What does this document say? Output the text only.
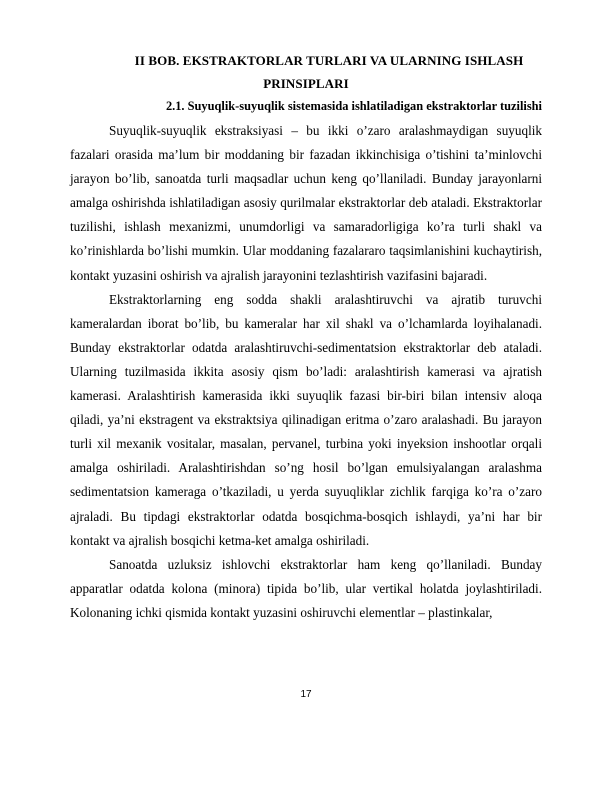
II BOB. EKSTRAKTORLAR TURLARI VA ULARNING ISHLASH
PRINSIPLARI
2.1. Suyuqlik-suyuqlik sistemasida ishlatiladigan ekstraktorlar tuzilishi

Suyuqlik-suyuqlik ekstraksiyasi – bu ikki o’zaro aralashmaydigan suyuqlik fazalari orasida ma’lum bir moddaning bir fazadan ikkinchisiga o’tishini ta’minlovchi jarayon bo’lib, sanoatda turli maqsadlar uchun keng qo’llaniladi. Bunday jarayonlarni amalga oshirishda ishlatiladigan asosiy qurilmalar ekstraktorlar deb ataladi. Ekstraktorlar tuzilishi, ishlash mexanizmi, unumdorligi va samaradorligiga ko’ra turli shakl va ko’rinishlarda bo’lishi mumkin. Ular moddaning fazalararo taqsimlanishini kuchaytirish, kontakt yuzasini oshirish va ajralish jarayonini tezlashtirish vazifasini bajaradi.

Ekstraktorlarning eng sodda shakli aralashtiruvchi va ajratib turuvchi kameralardan iborat bo’lib, bu kameralar har xil shakl va o’lchamlarda loyihalanadi. Bunday ekstraktorlar odatda aralashtiruvchi-sedimentatsion ekstraktorlar deb ataladi. Ularning tuzilmasida ikkita asosiy qism bo’ladi: aralashtirish kamerasi va ajratish kamerasi. Aralashtirish kamerasida ikki suyuqlik fazasi bir-biri bilan intensiv aloqa qiladi, ya’ni ekstragent va ekstraktsiya qilinadigan eritma o’zaro aralashadi. Bu jarayon turli xil mexanik vositalar, masalan, pervanel, turbina yoki inyeksion inshootlar orqali amalga oshiriladi. Aralashtirishdan so’ng hosil bo’lgan emulsiyalangan aralashma sedimentatsion kameraga o’tkaziladi, u yerda suyuqliklar zichlik farqiga ko’ra o’zaro ajraladi. Bu tipdagi ekstraktorlar odatda bosqichma-bosqich ishlaydi, ya’ni har bir kontakt va ajralish bosqichi ketma-ket amalga oshiriladi.

Sanoatda uzluksiz ishlovchi ekstraktorlar ham keng qo’llaniladi. Bunday apparatlar odatda kolona (minora) tipida bo’lib, ular vertikal holatda joylashtiriladi. Kolonaning ichki qismida kontakt yuzasini oshiruvchi elementlar – plastinkalar,

17
